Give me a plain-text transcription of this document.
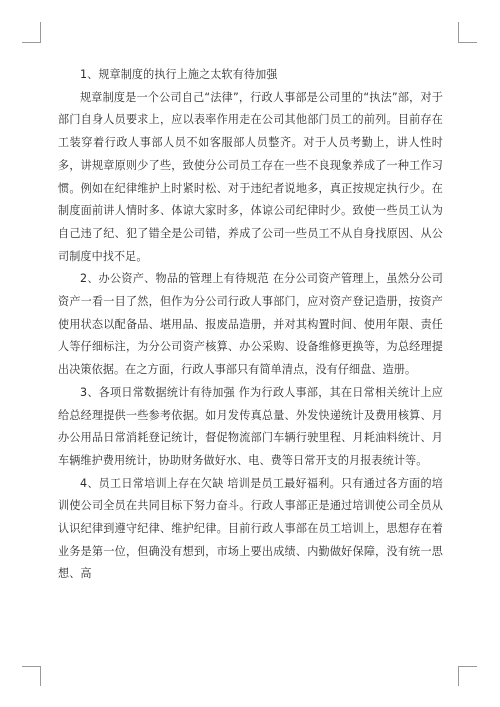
1、规章制度的执行上施之太软有待加强

规章制度是一个公司自己“法律”，行政人事部是公司里的“执法”部，对于部门自身人员要求上，应以表率作用走在公司其他部门员工的前列。目前存在工装穿着行政人事部人员不如客服部人员整齐。对于人员考勤上，讲人性时多，讲规章原则少了些，致使分公司员工存在一些不良现象养成了一种工作习惯。例如在纪律维护上时紧时松、对于违纪者说地多，真正按规定执行少。在制度面前讲人情时多、体谅大家时多，体谅公司纪律时少。致使一些员工认为自己违了纪、犯了错全是公司错，养成了公司一些员工不从自身找原因、从公司制度中找不足。

2、办公资产、物品的管理上有待规范 在分公司资产管理上，虽然分公司资产一看一目了然，但作为分公司行政人事部门，应对资产登记造册，按资产使用状态以配备品、堪用品、报废品造册，并对其构置时间、使用年限、责任人等仔细标注，为分公司资产核算、办公采购、设备维修更换等，为总经理提出决策依据。在之方面，行政人事部只有简单清点，没有仔细盘、造册。

3、各项日常数据统计有待加强 作为行政人事部，其在日常相关统计上应给总经理提供一些参考依据。如月发传真总量、外发快递统计及费用核算、月办公用品日常消耗登记统计，督促物流部门车辆行驶里程、月耗油料统计、月车辆维护费用统计，协助财务做好水、电、费等日常开支的月报表统计等。

4、员工日常培训上存在欠缺 培训是员工最好福利。只有通过各方面的培训使公司全员在共同目标下努力奋斗。行政人事部正是通过培训使公司全员从认识纪律到遵守纪律、维护纪律。目前行政人事部在员工培训上，思想存在着业务是第一位，但确没有想到，市场上要出成绩、内勤做好保障，没有统一思想、高
